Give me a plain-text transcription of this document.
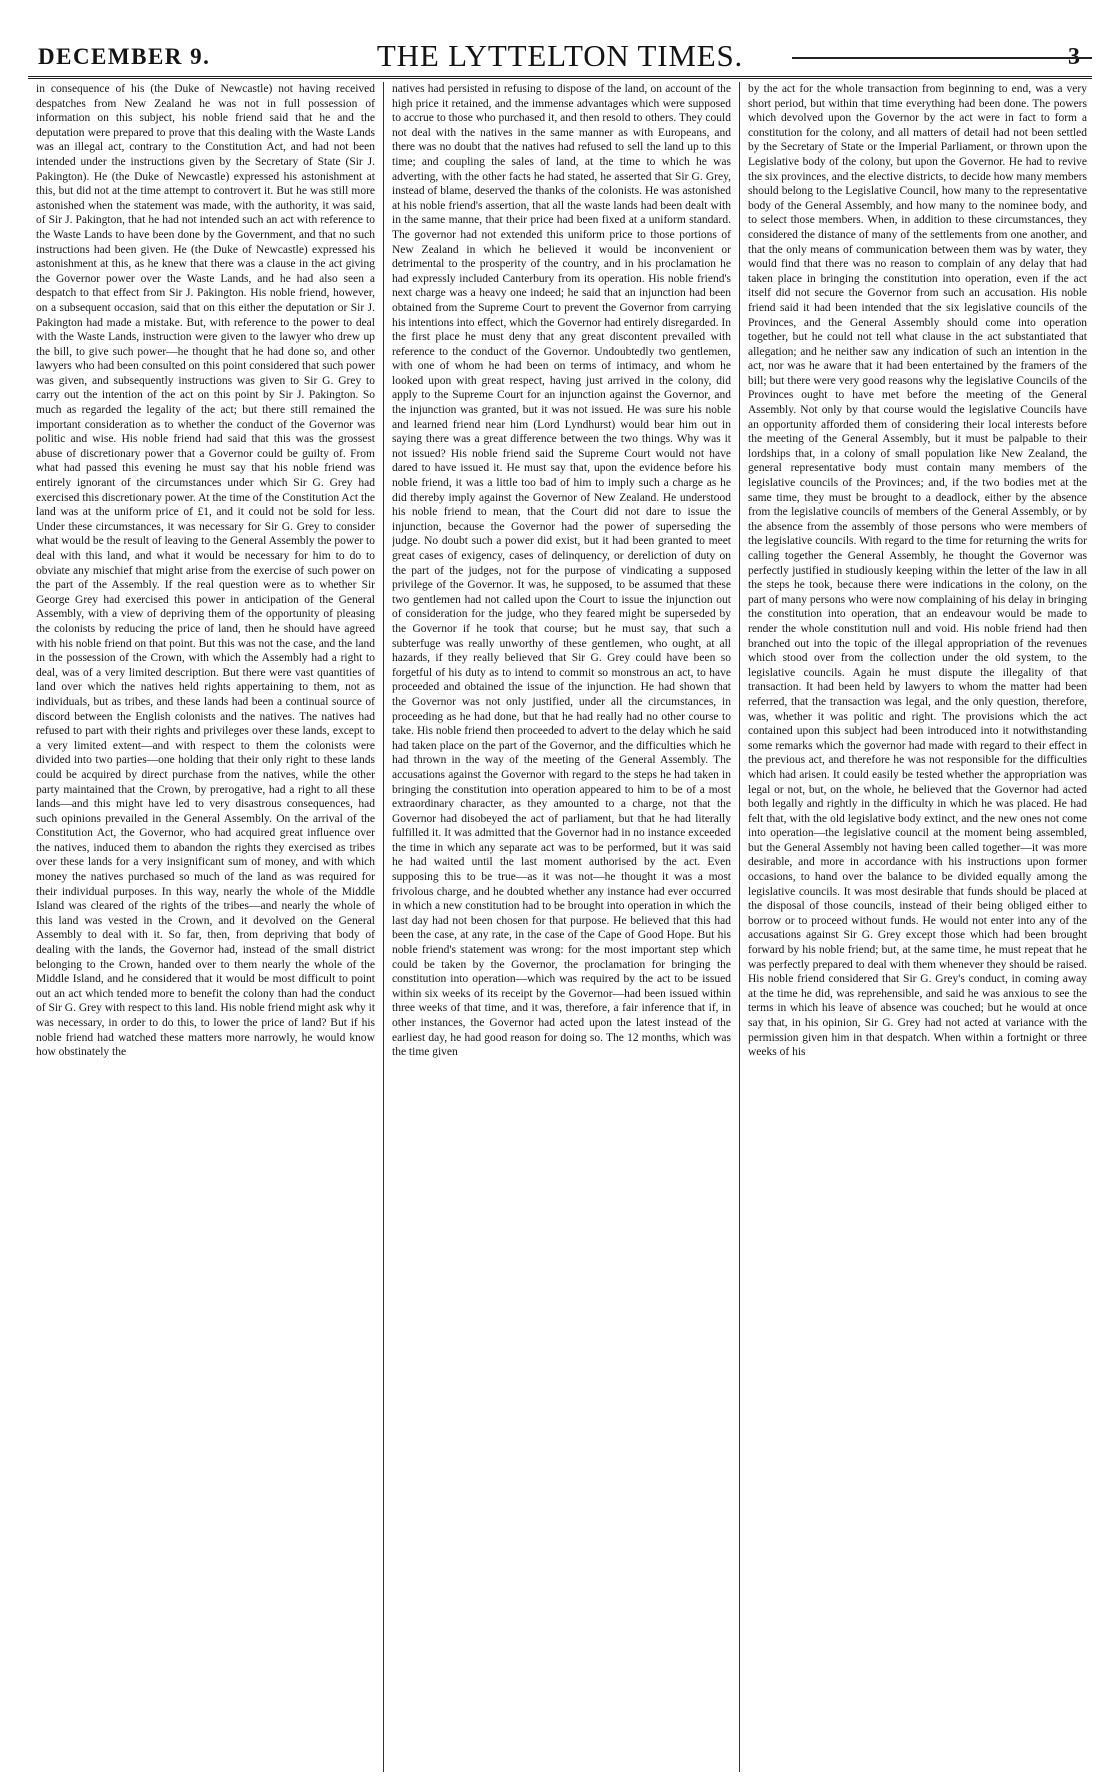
DECEMBER 9.	THE LYTTELTON TIMES.	3

in consequence of his (the Duke of Newcastle) not having received despatches from New Zealand he was not in full possession of information on this subject, his noble friend said that he and the deputation were prepared to prove that this dealing with the Waste Lands was an illegal act, contrary to the Constitution Act, and had not been intended under the instructions given by the Secretary of State (Sir J. Pakington). He (the Duke of Newcastle) expressed his astonishment at this, but did not at the time attempt to controvert it. But he was still more astonished when the statement was made, with the authority, it was said, of Sir J. Pakington, that he had not intended such an act with reference to the Waste Lands to have been done by the Government, and that no such instructions had been given. He (the Duke of Newcastle) expressed his astonishment at this, as he knew that there was a clause in the act giving the Governor power over the Waste Lands, and he had also seen a despatch to that effect from Sir J. Pakington. His noble friend, however, on a subsequent occasion, said that on this either the deputation or Sir J. Pakington had made a mistake. But, with reference to the power to deal with the Waste Lands, instruction were given to the lawyer who drew up the bill, to give such power—he thought that he had done so, and other lawyers who had been consulted on this point considered that such power was given, and subsequently instructions was given to Sir G. Grey to carry out the intention of the act on this point by Sir J. Pakington. So much as regarded the legality of the act; but there still remained the important consideration as to whether the conduct of the Governor was politic and wise. His noble friend had said that this was the grossest abuse of discretionary power that a Governor could be guilty of. From what had passed this evening he must say that his noble friend was entirely ignorant of the circumstances under which Sir G. Grey had exercised this discretionary power. At the time of the Constitution Act the land was at the uniform price of £1, and it could not be sold for less. Under these circumstances, it was necessary for Sir G. Grey to consider what would be the result of leaving to the General Assembly the power to deal with this land, and what it would be necessary for him to do to obviate any mischief that might arise from the exercise of such power on the part of the Assembly. If the real question were as to whether Sir George Grey had exercised this power in anticipation of the General Assembly, with a view of depriving them of the opportunity of pleasing the colonists by reducing the price of land, then he should have agreed with his noble friend on that point. But this was not the case, and the land in the possession of the Crown, with which the Assembly had a right to deal, was of a very limited description. But there were vast quantities of land over which the natives held rights appertaining to them, not as individuals, but as tribes, and these lands had been a continual source of discord between the English colonists and the natives. The natives had refused to part with their rights and privileges over these lands, except to a very limited extent—and with respect to them the colonists were divided into two parties—one holding that their only right to these lands could be acquired by direct purchase from the natives, while the other party maintained that the Crown, by prerogative, had a right to all these lands—and this might have led to very disastrous consequences, had such opinions prevailed in the General Assembly. On the arrival of the Constitution Act, the Governor, who had acquired great influence over the natives, induced them to abandon the rights they exercised as tribes over these lands for a very insignificant sum of money, and with which money the natives purchased so much of the land as was required for their individual purposes. In this way, nearly the whole of the Middle Island was cleared of the rights of the tribes—and nearly the whole of this land was vested in the Crown, and it devolved on the General Assembly to deal with it. So far, then, from depriving that body of dealing with the lands, the Governor had, instead of the small district belonging to the Crown, handed over to them nearly the whole of the Middle Island, and he considered that it would be most difficult to point out an act which tended more to benefit the colony than had the conduct of Sir G. Grey with respect to this land. His noble friend might ask why it was necessary, in order to do this, to lower the price of land? But if his noble friend had watched these matters more narrowly, he would know how obstinately the

natives had persisted in refusing to dispose of the land, on account of the high price it retained, and the immense advantages which were supposed to accrue to those who purchased it, and then resold to others. They could not deal with the natives in the same manner as with Europeans, and there was no doubt that the natives had refused to sell the land up to this time; and coupling the sales of land, at the time to which he was adverting, with the other facts he had stated, he asserted that Sir G. Grey, instead of blame, deserved the thanks of the colonists. He was astonished at his noble friend's assertion, that all the waste lands had been dealt with in the same manne, that their price had been fixed at a uniform standard. The governor had not extended this uniform price to those portions of New Zealand in which he believed it would be inconvenient or detrimental to the prosperity of the country, and in his proclamation he had expressly included Canterbury from its operation. His noble friend's next charge was a heavy one indeed; he said that an injunction had been obtained from the Supreme Court to prevent the Governor from carrying his intentions into effect, which the Governor had entirely disregarded. In the first place he must deny that any great discontent prevailed with reference to the conduct of the Governor. Undoubtedly two gentlemen, with one of whom he had been on terms of intimacy, and whom he looked upon with great respect, having just arrived in the colony, did apply to the Supreme Court for an injunction against the Governor, and the injunction was granted, but it was not issued. He was sure his noble and learned friend near him (Lord Lyndhurst) would bear him out in saying there was a great difference between the two things. Why was it not issued? His noble friend said the Supreme Court would not have dared to have issued it. He must say that, upon the evidence before his noble friend, it was a little too bad of him to imply such a charge as he did thereby imply against the Governor of New Zealand. He understood his noble friend to mean, that the Court did not dare to issue the injunction, because the Governor had the power of superseding the judge. No doubt such a power did exist, but it had been granted to meet great cases of exigency, cases of delinquency, or dereliction of duty on the part of the judges, not for the purpose of vindicating a supposed privilege of the Governor. It was, he supposed, to be assumed that these two gentlemen had not called upon the Court to issue the injunction out of consideration for the judge, who they feared might be superseded by the Governor if he took that course; but he must say, that such a subterfuge was really unworthy of these gentlemen, who ought, at all hazards, if they really believed that Sir G. Grey could have been so forgetful of his duty as to intend to commit so monstrous an act, to have proceeded and obtained the issue of the injunction. He had shown that the Governor was not only justified, under all the circumstances, in proceeding as he had done, but that he had really had no other course to take. His noble friend then proceeded to advert to the delay which he said had taken place on the part of the Governor, and the difficulties which he had thrown in the way of the meeting of the General Assembly. The accusations against the Governor with regard to the steps he had taken in bringing the constitution into operation appeared to him to be of a most extraordinary character, as they amounted to a charge, not that the Governor had disobeyed the act of parliament, but that he had literally fulfilled it. It was admitted that the Governor had in no instance exceeded the time in which any separate act was to be performed, but it was said he had waited until the last moment authorised by the act. Even supposing this to be true—as it was not—he thought it was a most frivolous charge, and he doubted whether any instance had ever occurred in which a new constitution had to be brought into operation in which the last day had not been chosen for that purpose. He believed that this had been the case, at any rate, in the case of the Cape of Good Hope. But his noble friend's statement was wrong: for the most important step which could be taken by the Governor, the proclamation for bringing the constitution into operation—which was required by the act to be issued within six weeks of its receipt by the Governor—had been issued within three weeks of that time, and it was, therefore, a fair inference that if, in other instances, the Governor had acted upon the latest instead of the earliest day, he had good reason for doing so. The 12 months, which was the time given

by the act for the whole transaction from beginning to end, was a very short period, but within that time everything had been done. The powers which devolved upon the Governor by the act were in fact to form a constitution for the colony, and all matters of detail had not been settled by the Secretary of State or the Imperial Parliament, or thrown upon the Legislative body of the colony, but upon the Governor. He had to revive the six provinces, and the elective districts, to decide how many members should belong to the Legislative Council, how many to the representative body of the General Assembly, and how many to the nominee body, and to select those members. When, in addition to these circumstances, they considered the distance of many of the settlements from one another, and that the only means of communication between them was by water, they would find that there was no reason to complain of any delay that had taken place in bringing the constitution into operation, even if the act itself did not secure the Governor from such an accusation. His noble friend said it had been intended that the six legislative councils of the Provinces, and the General Assembly should come into operation together, but he could not tell what clause in the act substantiated that allegation; and he neither saw any indication of such an intention in the act, nor was he aware that it had been entertained by the framers of the bill; but there were very good reasons why the legislative Councils of the Provinces ought to have met before the meeting of the General Assembly. Not only by that course would the legislative Councils have an opportunity afforded them of considering their local interests before the meeting of the General Assembly, but it must be palpable to their lordships that, in a colony of small population like New Zealand, the general representative body must contain many members of the legislative councils of the Provinces; and, if the two bodies met at the same time, they must be brought to a deadlock, either by the absence from the legislative councils of members of the General Assembly, or by the absence from the assembly of those persons who were members of the legislative councils. With regard to the time for returning the writs for calling together the General Assembly, he thought the Governor was perfectly justified in studiously keeping within the letter of the law in all the steps he took, because there were indications in the colony, on the part of many persons who were now complaining of his delay in bringing the constitution into operation, that an endeavour would be made to render the whole constitution null and void. His noble friend had then branched out into the topic of the illegal appropriation of the revenues which stood over from the collection under the old system, to the legislative councils. Again he must dispute the illegality of that transaction. It had been held by lawyers to whom the matter had been referred, that the transaction was legal, and the only question, therefore, was, whether it was politic and right. The provisions which the act contained upon this subject had been introduced into it notwithstanding some remarks which the governor had made with regard to their effect in the previous act, and therefore he was not responsible for the difficulties which had arisen. It could easily be tested whether the appropriation was legal or not, but, on the whole, he believed that the Governor had acted both legally and rightly in the difficulty in which he was placed. He had felt that, with the old legislative body extinct, and the new ones not come into operation—the legislative council at the moment being assembled, but the General Assembly not having been called together—it was more desirable, and more in accordance with his instructions upon former occasions, to hand over the balance to be divided equally among the legislative councils. It was most desirable that funds should be placed at the disposal of those councils, instead of their being obliged either to borrow or to proceed without funds. He would not enter into any of the accusations against Sir G. Grey except those which had been brought forward by his noble friend; but, at the same time, he must repeat that he was perfectly prepared to deal with them whenever they should be raised. His noble friend considered that Sir G. Grey's conduct, in coming away at the time he did, was reprehensible, and said he was anxious to see the terms in which his leave of absence was couched; but he would at once say that, in his opinion, Sir G. Grey had not acted at variance with the permission given him in that despatch. When within a fortnight or three weeks of his
